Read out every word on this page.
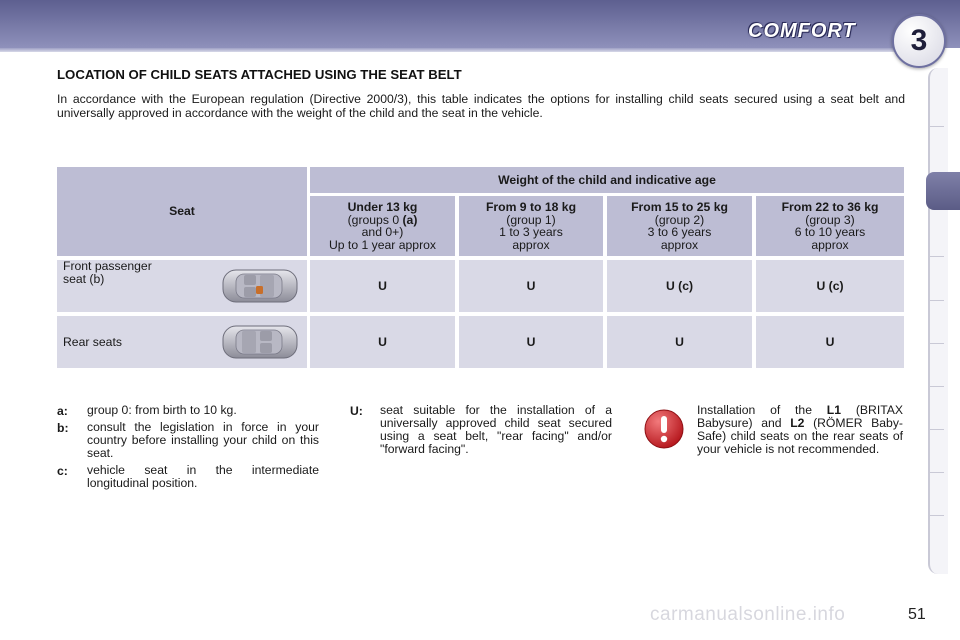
COMFORT	3
LOCATION OF CHILD SEATS ATTACHED USING THE SEAT BELT
In accordance with the European regulation (Directive 2000/3), this table indicates the options for installing child seats secured using a seat belt and universally approved in accordance with the weight of the child and the seat in the vehicle.
Seat
Weight of the child and indicative age
Under 13 kg
(groups 0 (a)
and 0+)
Up to 1 year approx
From 9 to 18 kg
(group 1)
1 to 3 years
approx
From 15 to 25 kg
(group 2)
3 to 6 years
approx
From 22 to 36 kg
(group 3)
6 to 10 years
approx
Front passenger
seat (b)
U	U	U (c)	U (c)
Rear seats	U	U	U	U
a: group 0: from birth to 10 kg.
b: consult the legislation in force in your country before installing your child on this seat.
c: vehicle seat in the intermediate longitudinal position.
U: seat suitable for the installation of a universally approved child seat secured using a seat belt, "rear facing" and/or "forward facing".
Installation of the L1 (BRITAX Babysure) and L2 (RÖMER Baby-Safe) child seats on the rear seats of your vehicle is not recommended.
carmanualsonline.info	51
